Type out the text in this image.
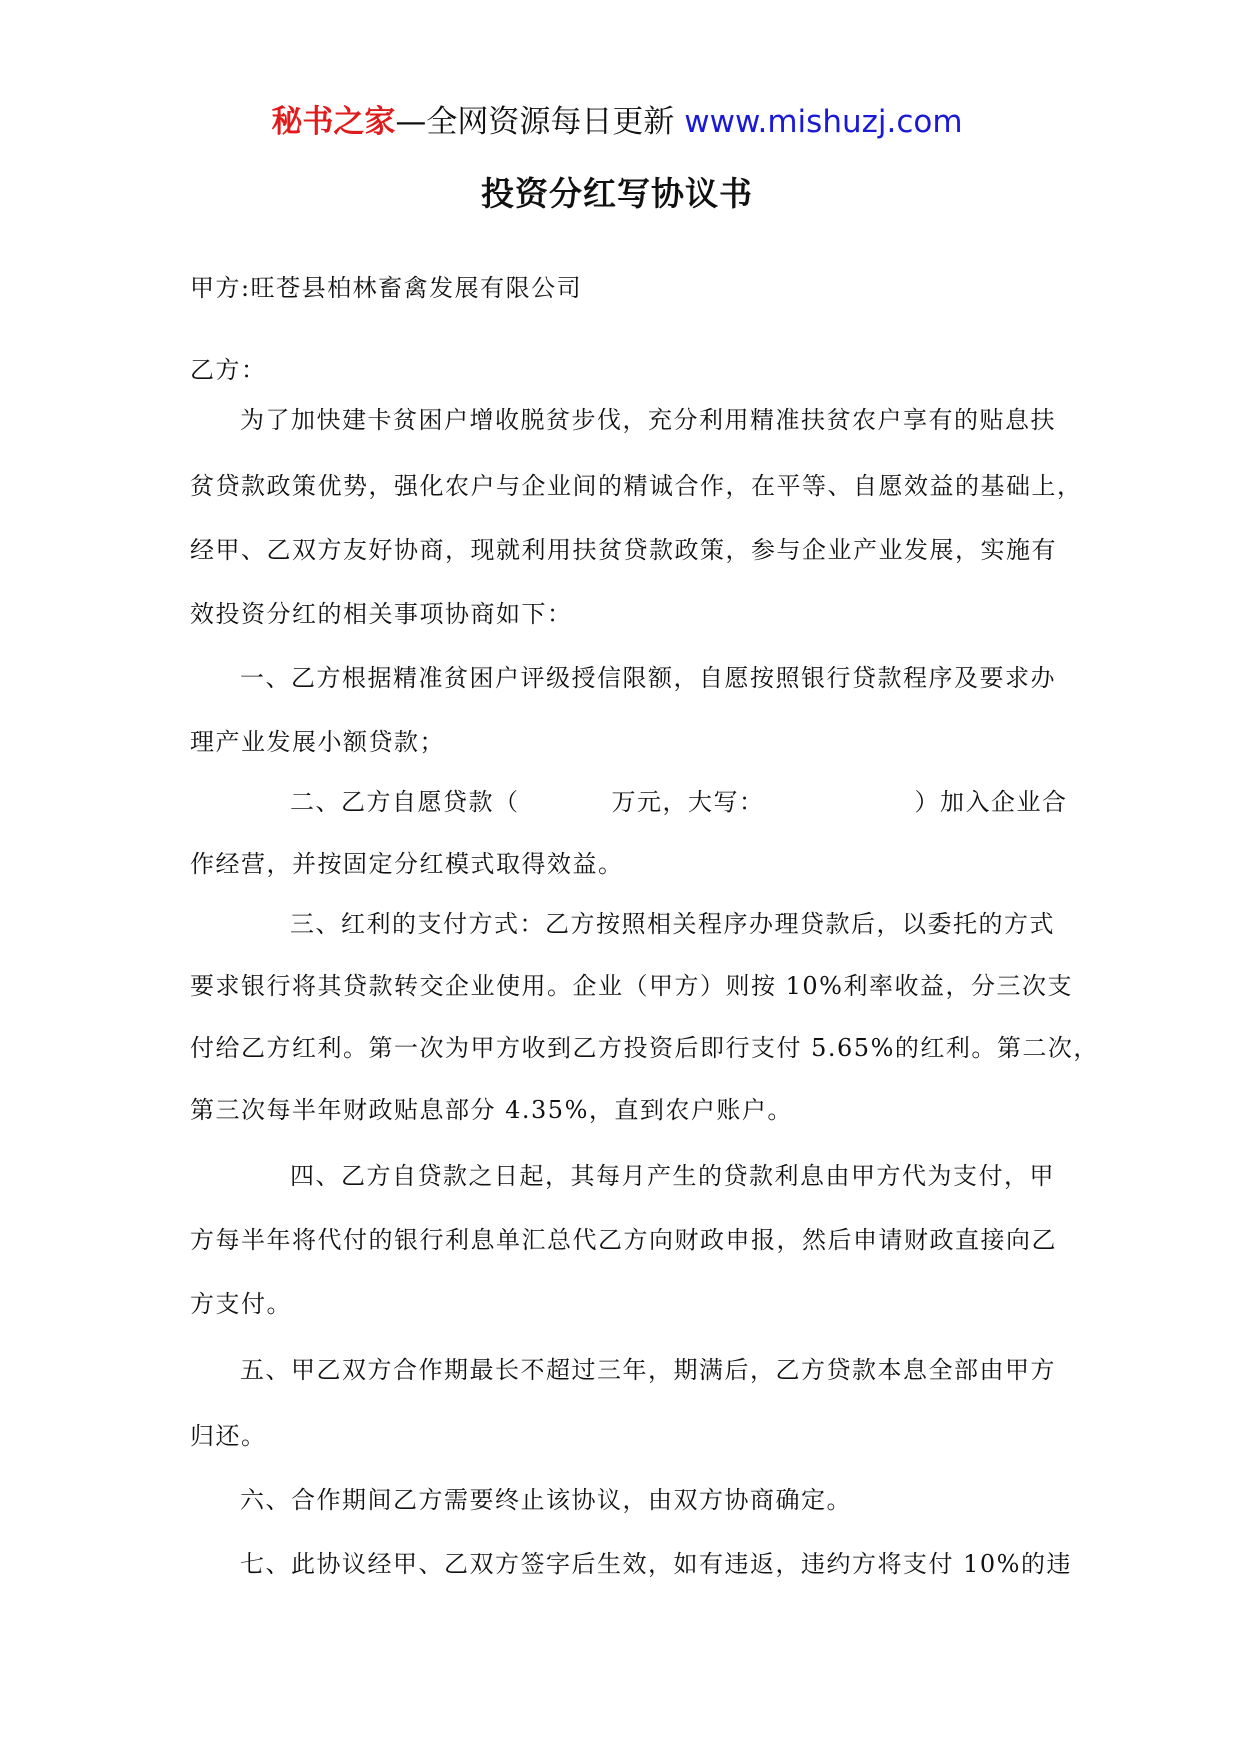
秘书之家—全网资源每日更新 www.mishuzj.com
投资分红写协议书
甲方:旺苍县柏林畜禽发展有限公司
乙方：
为了加快建卡贫困户增收脱贫步伐，充分利用精准扶贫农户享有的贴息扶
贫贷款政策优势，强化农户与企业间的精诚合作，在平等、自愿效益的基础上，
经甲、乙双方友好协商，现就利用扶贫贷款政策，参与企业产业发展，实施有
效投资分红的相关事项协商如下：
一、乙方根据精准贫困户评级授信限额，自愿按照银行贷款程序及要求办
理产业发展小额贷款；
二、乙方自愿贷款（	万元，大写：	）加入企业合
作经营，并按固定分红模式取得效益。
三、红利的支付方式：乙方按照相关程序办理贷款后，以委托的方式
要求银行将其贷款转交企业使用。企业（甲方）则按 10%利率收益，分三次支
付给乙方红利。第一次为甲方收到乙方投资后即行支付 5.65%的红利。第二次，
第三次每半年财政贴息部分 4.35%，直到农户账户。
四、乙方自贷款之日起，其每月产生的贷款利息由甲方代为支付，甲
方每半年将代付的银行利息单汇总代乙方向财政申报，然后申请财政直接向乙
方支付。
五、甲乙双方合作期最长不超过三年，期满后，乙方贷款本息全部由甲方
归还。
六、合作期间乙方需要终止该协议，由双方协商确定。
七、此协议经甲、乙双方签字后生效，如有违返，违约方将支付 10%的违
